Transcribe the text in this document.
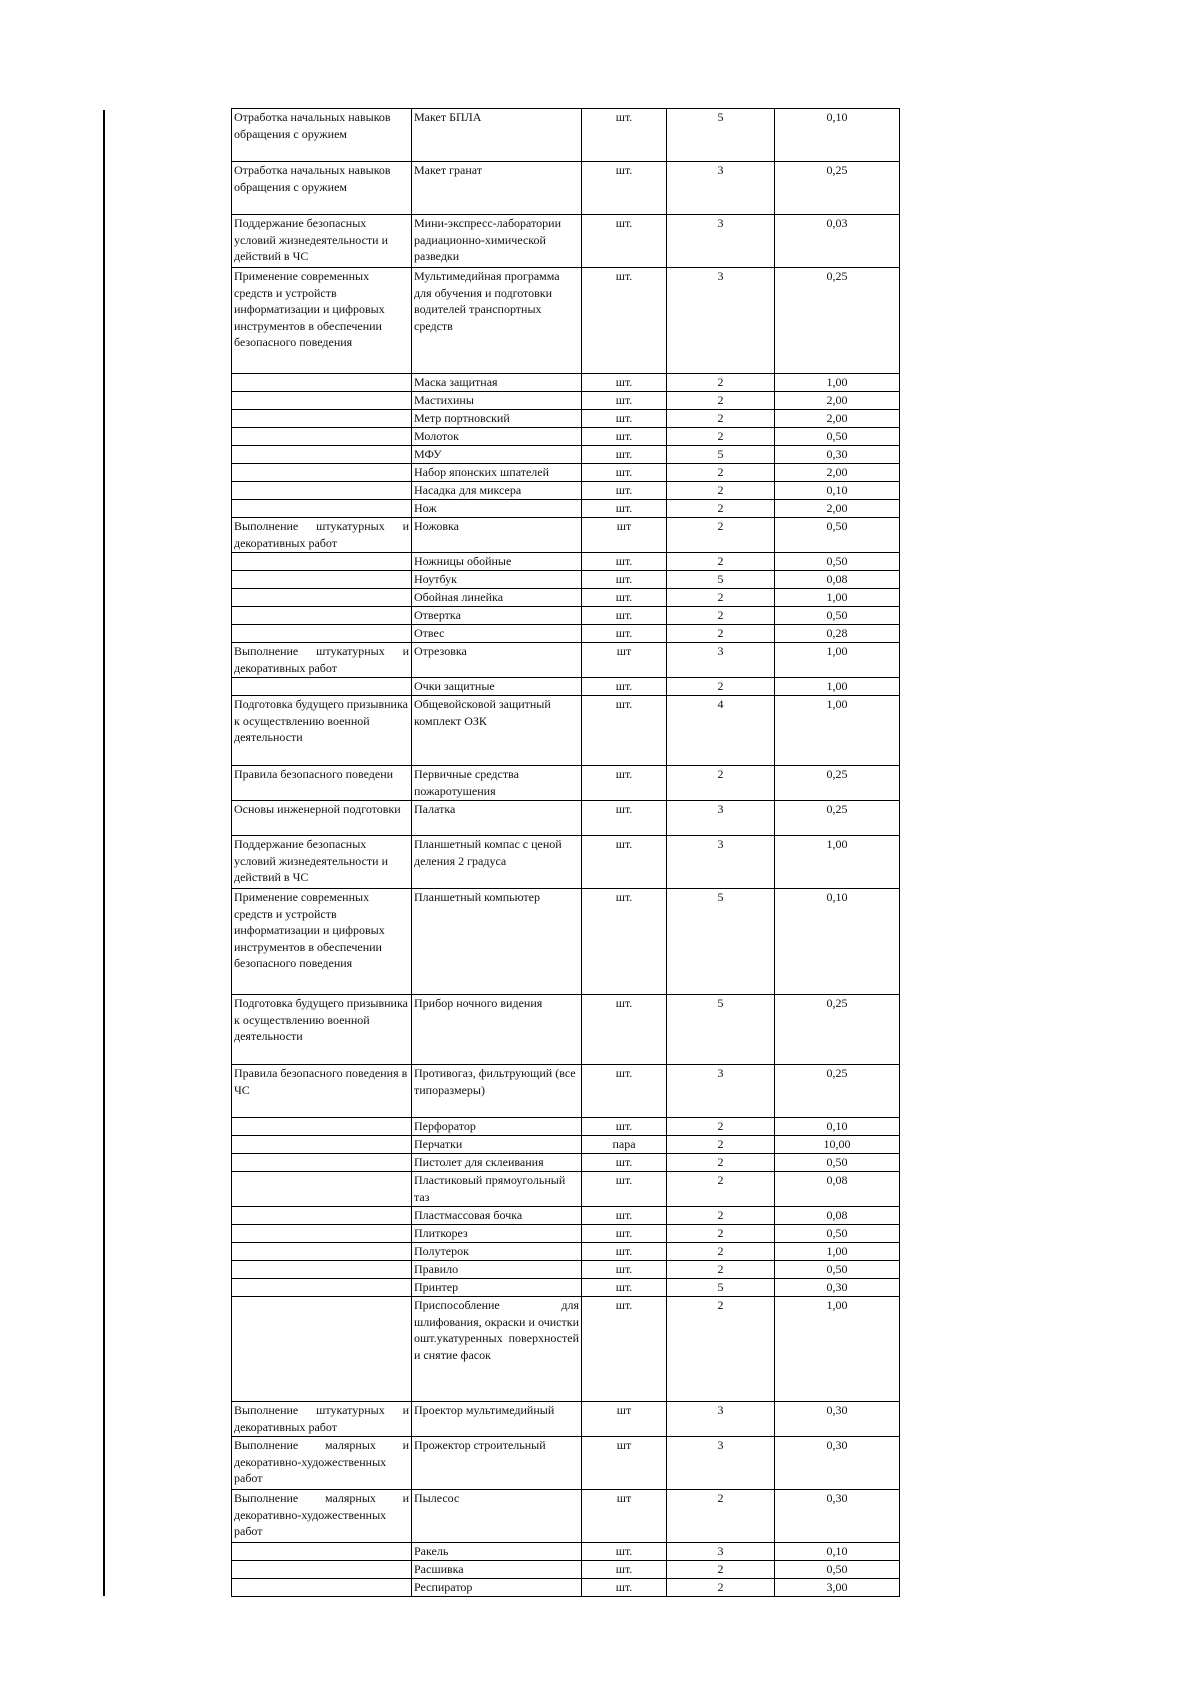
Отработка начальных навыков обращения с оружием	Макет БПЛА	шт.	5	0,10
Отработка начальных навыков обращения с оружием	Макет гранат	шт.	3	0,25
Поддержание безопасных условий жизнедеятельности и действий в ЧС	Мини-экспресс-лаборатории радиационно-химической разведки	шт.	3	0,03
Применение современных средств и устройств информатизации и цифровых инструментов в обеспечении безопасного поведения	Мультимедийная программа для обучения и подготовки водителей транспортных средств	шт.	3	0,25
	Маска защитная	шт.	2	1,00
	Мастихины	шт.	2	2,00
	Метр портновский	шт.	2	2,00
	Молоток	шт.	2	0,50
	МФУ	шт.	5	0,30
	Набор японских шпателей	шт.	2	2,00
	Насадка для миксера	шт.	2	0,10
	Нож	шт.	2	2,00
Выполнение штукатурных и декоративных работ	Ножовка	шт	2	0,50
	Ножницы обойные	шт.	2	0,50
	Ноутбук	шт.	5	0,08
	Обойная линейка	шт.	2	1,00
	Отвертка	шт.	2	0,50
	Отвес	шт.	2	0,28
Выполнение штукатурных и декоративных работ	Отрезовка	шт	3	1,00
	Очки защитные	шт.	2	1,00
Подготовка будущего призывника к осуществлению военной деятельности	Общевойсковой защитный комплект ОЗК	шт.	4	1,00
Правила безопасного поведени	Первичные средства пожаротушения	шт.	2	0,25
Основы инженерной подготовки	Палатка	шт.	3	0,25
Поддержание безопасных условий жизнедеятельности и действий в ЧС	Планшетный компас с ценой деления 2 градуса	шт.	3	1,00
Применение современных средств и устройств информатизации и цифровых инструментов в обеспечении безопасного поведения	Планшетный компьютер	шт.	5	0,10
Подготовка будущего призывника к осуществлению военной деятельности	Прибор ночного видения	шт.	5	0,25
Правила безопасного поведения в ЧС	Противогаз, фильтрующий (все типоразмеры)	шт.	3	0,25
	Перфоратор	шт.	2	0,10
	Перчатки	пара	2	10,00
	Пистолет для склеивания	шт.	2	0,50
	Пластиковый прямоугольный таз	шт.	2	0,08
	Пластмассовая бочка	шт.	2	0,08
	Плиткорез	шт.	2	0,50
	Полутерок	шт.	2	1,00
	Правило	шт.	2	0,50
	Принтер	шт.	5	0,30
	Приспособление для шлифования, окраски и очистки ошт.укатуренных поверхностей и снятие фасок	шт.	2	1,00
Выполнение штукатурных и декоративных работ	Проектор мультимедийный	шт	3	0,30
Выполнение малярных и декоративно-художественных работ	Прожектор строительный	шт	3	0,30
Выполнение малярных и декоративно-художественных работ	Пылесос	шт	2	0,30
	Ракель	шт.	3	0,10
	Расшивка	шт.	2	0,50
	Респиратор	шт.	2	3,00
